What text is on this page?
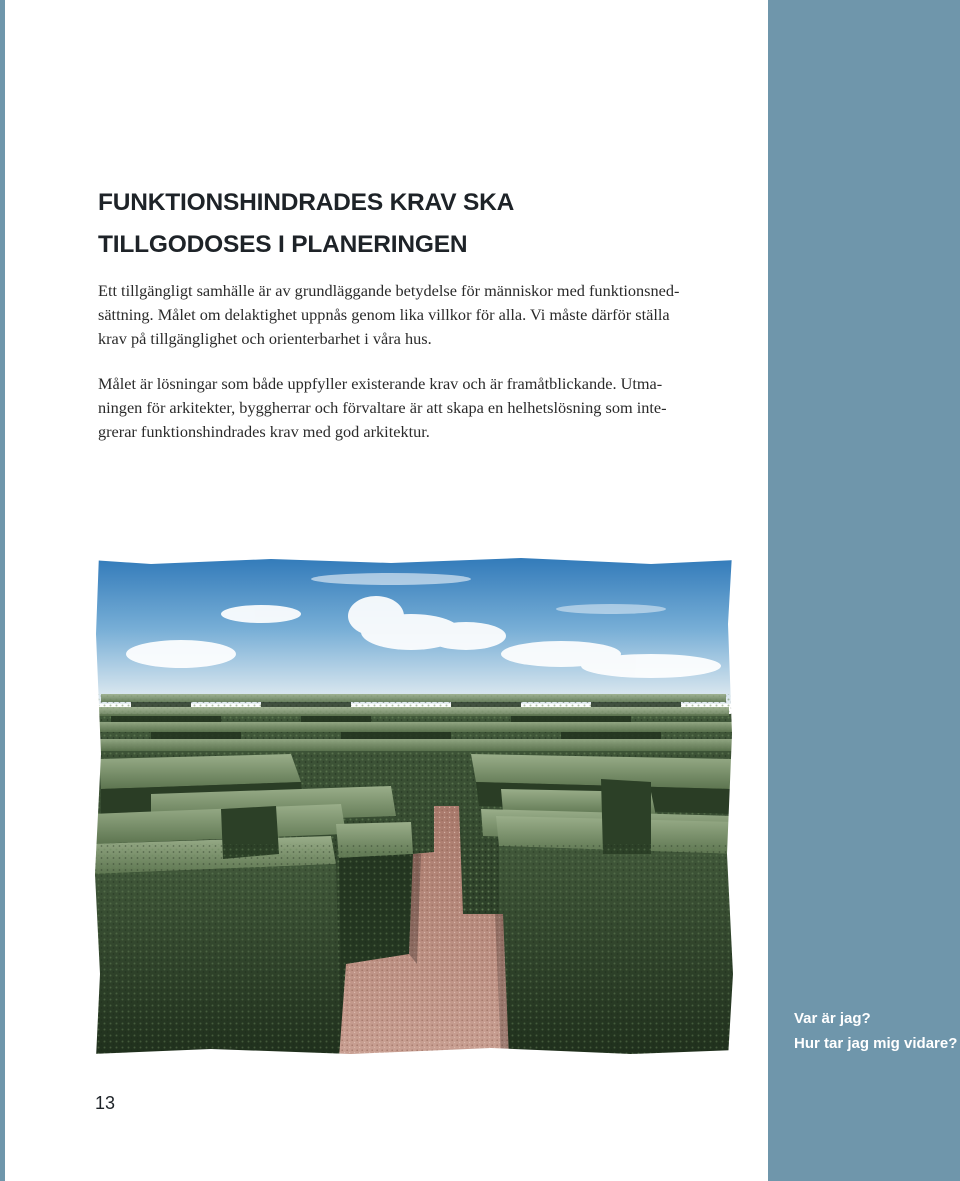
FUNKTIONSHINDRADES KRAV SKA
TILLGODOSES I PLANERINGEN

Ett tillgängligt samhälle är av grundläggande betydelse för människor med funktionsned-
sättning. Målet om delaktighet uppnås genom lika villkor för alla. Vi måste därför ställa
krav på tillgänglighet och orienterbarhet i våra hus.

Målet är lösningar som både uppfyller existerande krav och är framåtblickande. Utma-
ningen för arkitekter, byggherrar och förvaltare är att skapa en helhetslösning som inte-
grerar funktionshindrades krav med god arkitektur.

Var är jag?
Hur tar jag mig vidare?
13
